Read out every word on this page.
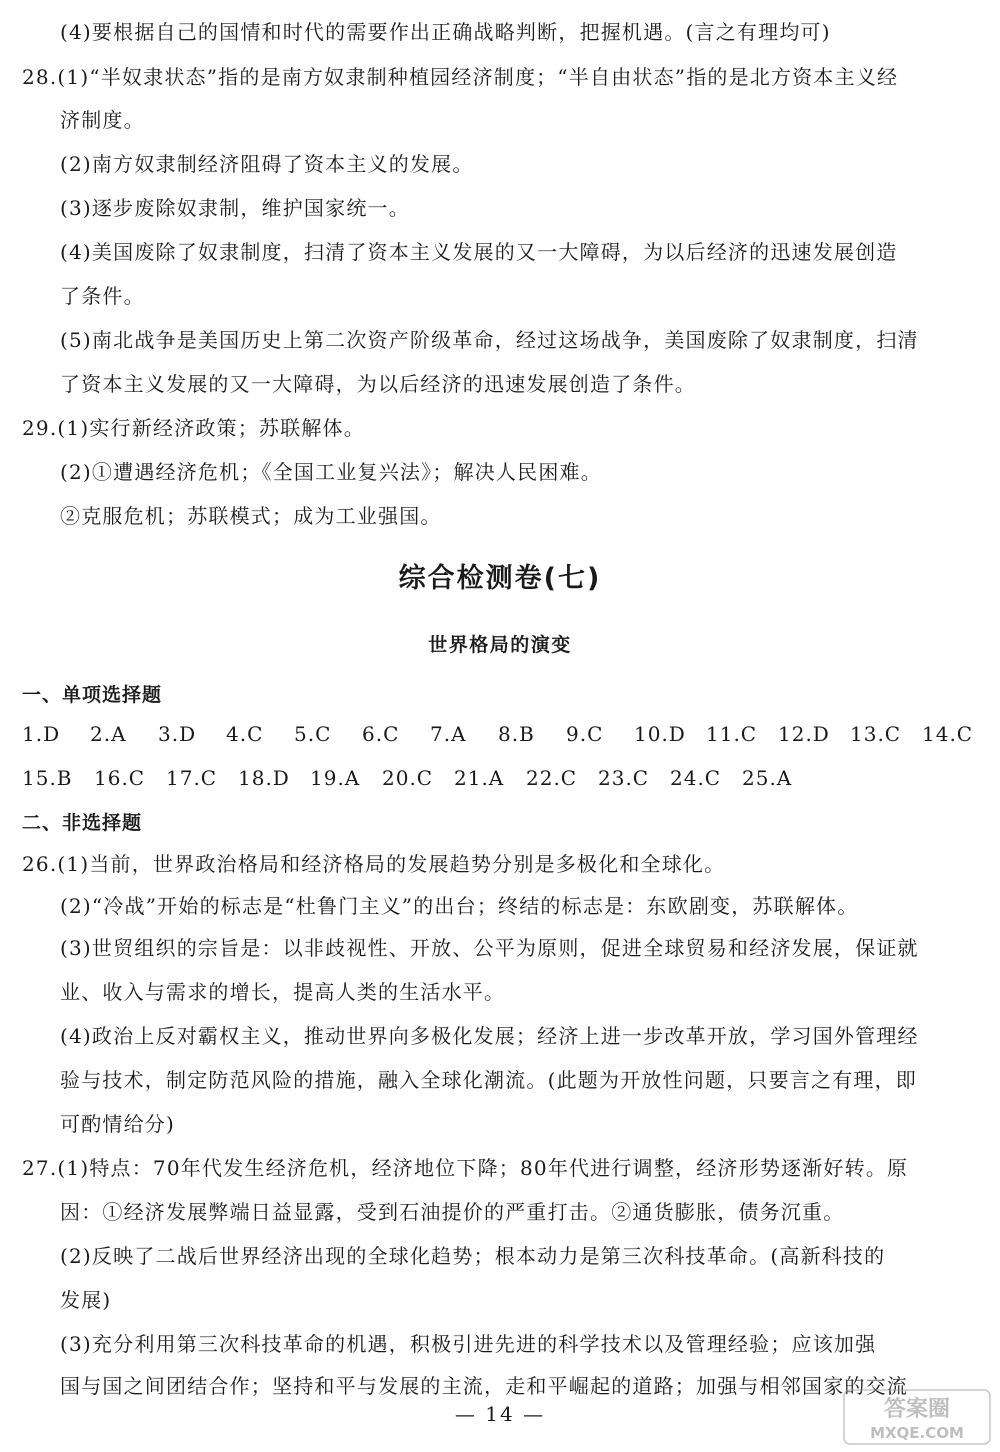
(4)要根据自己的国情和时代的需要作出正确战略判断，把握机遇。(言之有理均可)
28.(1)“半奴隶状态”指的是南方奴隶制种植园经济制度；“半自由状态”指的是北方资本主义经
济制度。
(2)南方奴隶制经济阻碍了资本主义的发展。
(3)逐步废除奴隶制，维护国家统一。
(4)美国废除了奴隶制度，扫清了资本主义发展的又一大障碍，为以后经济的迅速发展创造
了条件。
(5)南北战争是美国历史上第二次资产阶级革命，经过这场战争，美国废除了奴隶制度，扫清
了资本主义发展的又一大障碍，为以后经济的迅速发展创造了条件。
29.(1)实行新经济政策；苏联解体。
(2)①遭遇经济危机；《全国工业复兴法》；解决人民困难。
②克服危机；苏联模式；成为工业强国。
综合检测卷(七)
世界格局的演变
一、单项选择题
1.D 2.A 3.D 4.C 5.C 6.C 7.A 8.B 9.C 10.D 11.C 12.D 13.C 14.C
15.B 16.C 17.C 18.D 19.A 20.C 21.A 22.C 23.C 24.C 25.A
二、非选择题
26.(1)当前，世界政治格局和经济格局的发展趋势分别是多极化和全球化。
(2)“冷战”开始的标志是“杜鲁门主义”的出台；终结的标志是：东欧剧变，苏联解体。
(3)世贸组织的宗旨是：以非歧视性、开放、公平为原则，促进全球贸易和经济发展，保证就
业、收入与需求的增长，提高人类的生活水平。
(4)政治上反对霸权主义，推动世界向多极化发展；经济上进一步改革开放，学习国外管理经
验与技术，制定防范风险的措施，融入全球化潮流。(此题为开放性问题，只要言之有理，即
可酌情给分)
27.(1)特点：70年代发生经济危机，经济地位下降；80年代进行调整，经济形势逐渐好转。原
因：①经济发展弊端日益显露，受到石油提价的严重打击。②通货膨胀，债务沉重。
(2)反映了二战后世界经济出现的全球化趋势；根本动力是第三次科技革命。(高新科技的
发展)
(3)充分利用第三次科技革命的机遇，积极引进先进的科学技术以及管理经验；应该加强
国与国之间团结合作；坚持和平与发展的主流，走和平崛起的道路；加强与相邻国家的交流
— 14 —	答案圈
MXQE.COM
